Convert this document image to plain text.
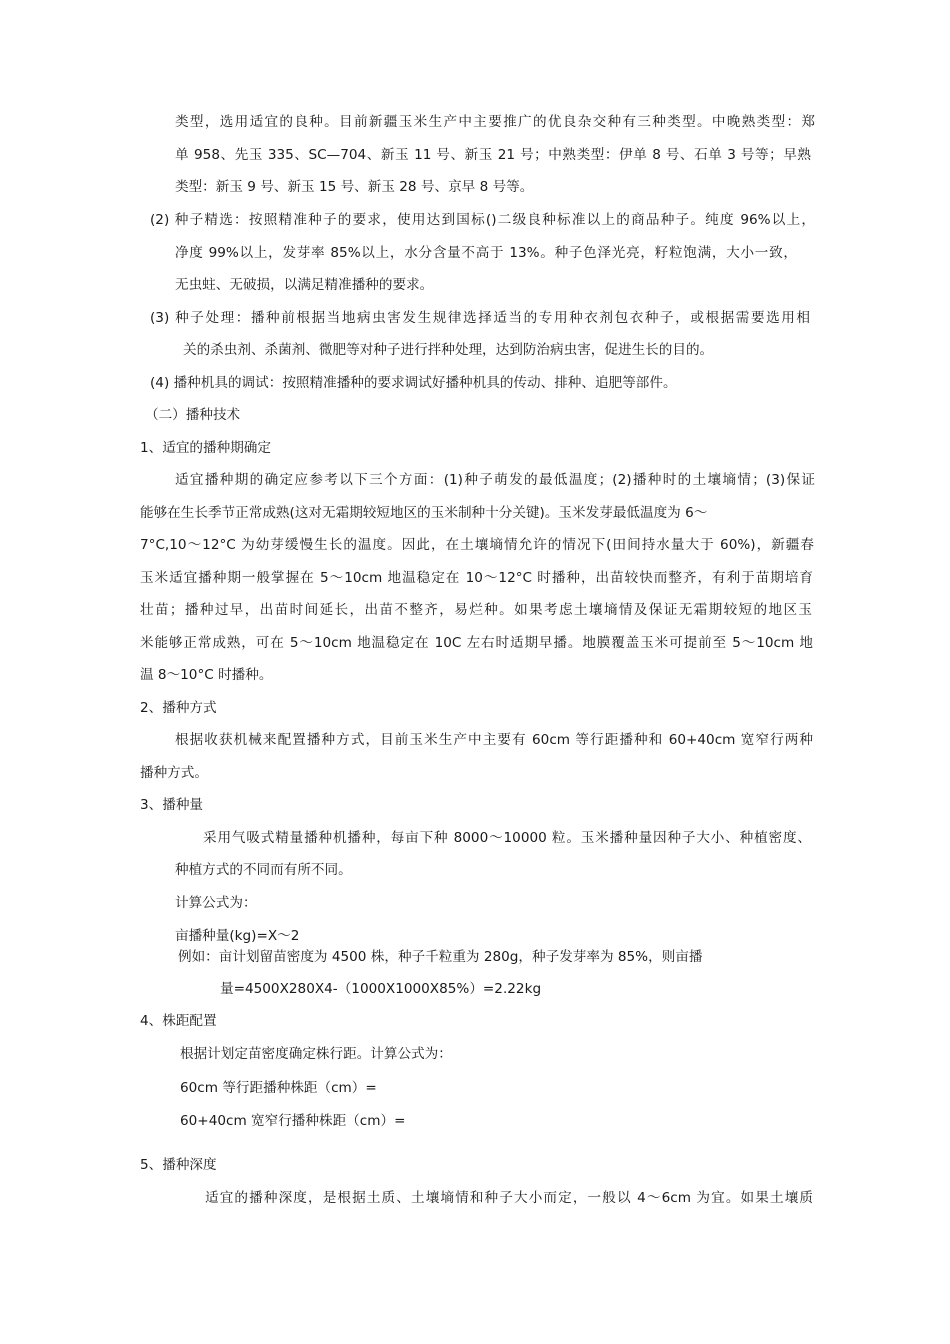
类型，选用适宜的良种。目前新疆玉米生产中主要推广的优良杂交种有三种类型。中晚熟类型：郑
单 958、先玉 335、SC—704、新玉 11 号、新玉 21 号；中熟类型：伊单 8 号、石单 3 号等；早熟
类型：新玉 9 号、新玉 15 号、新玉 28 号、京早 8 号等。
(2) 种子精选：按照精准种子的要求，使用达到国标()二级良种标准以上的商品种子。纯度 96%以上，
净度 99%以上，发芽率 85%以上，水分含量不高于 13%。种子色泽光亮，籽粒饱满，大小一致，
无虫蛀、无破损，以满足精准播种的要求。
(3) 种子处理：播种前根据当地病虫害发生规律选择适当的专用种衣剂包衣种子，或根据需要选用相
关的杀虫剂、杀菌剂、微肥等对种子进行拌种处理，达到防治病虫害，促进生长的目的。
(4) 播种机具的调试：按照精准播种的要求调试好播种机具的传动、排种、追肥等部件。
（二）播种技术
1、适宜的播种期确定
适宜播种期的确定应参考以下三个方面：(1)种子萌发的最低温度；(2)播种时的土壤墒情；(3)保证
能够在生长季节正常成熟(这对无霜期较短地区的玉米制种十分关键)。玉米发芽最低温度为 6〜
7°C,10〜12°C 为幼芽缓慢生长的温度。因此，在土壤墒情允许的情况下(田间持水量大于 60%)，新疆春
玉米适宜播种期一般掌握在 5〜10cm 地温稳定在 10〜12°C 时播种，出苗较快而整齐，有利于苗期培育
壮苗；播种过早，出苗时间延长，出苗不整齐，易烂种。如果考虑土壤墒情及保证无霜期较短的地区玉
米能够正常成熟，可在 5〜10cm 地温稳定在 10C 左右时适期早播。地膜覆盖玉米可提前至 5〜10cm 地
温 8〜10°C 时播种。
2、播种方式
根据收获机械来配置播种方式，目前玉米生产中主要有 60cm 等行距播种和 60+40cm 宽窄行两种
播种方式。
3、播种量
采用气吸式精量播种机播种，每亩下种 8000〜10000 粒。玉米播种量因种子大小、种植密度、
种植方式的不同而有所不同。
计算公式为：
亩播种量(kg)=X〜2
例如：亩计划留苗密度为 4500 株，种子千粒重为 280g，种子发芽率为 85%，则亩播
量=4500X280X4-（1000X1000X85%）=2.22kg
4、株距配置
根据计划定苗密度确定株行距。计算公式为：
60cm 等行距播种株距（cm）=
60+40cm 宽窄行播种株距（cm）=
5、播种深度
适宜的播种深度，是根据土质、土壤墒情和种子大小而定，一般以 4〜6cm 为宜。如果土壤质
